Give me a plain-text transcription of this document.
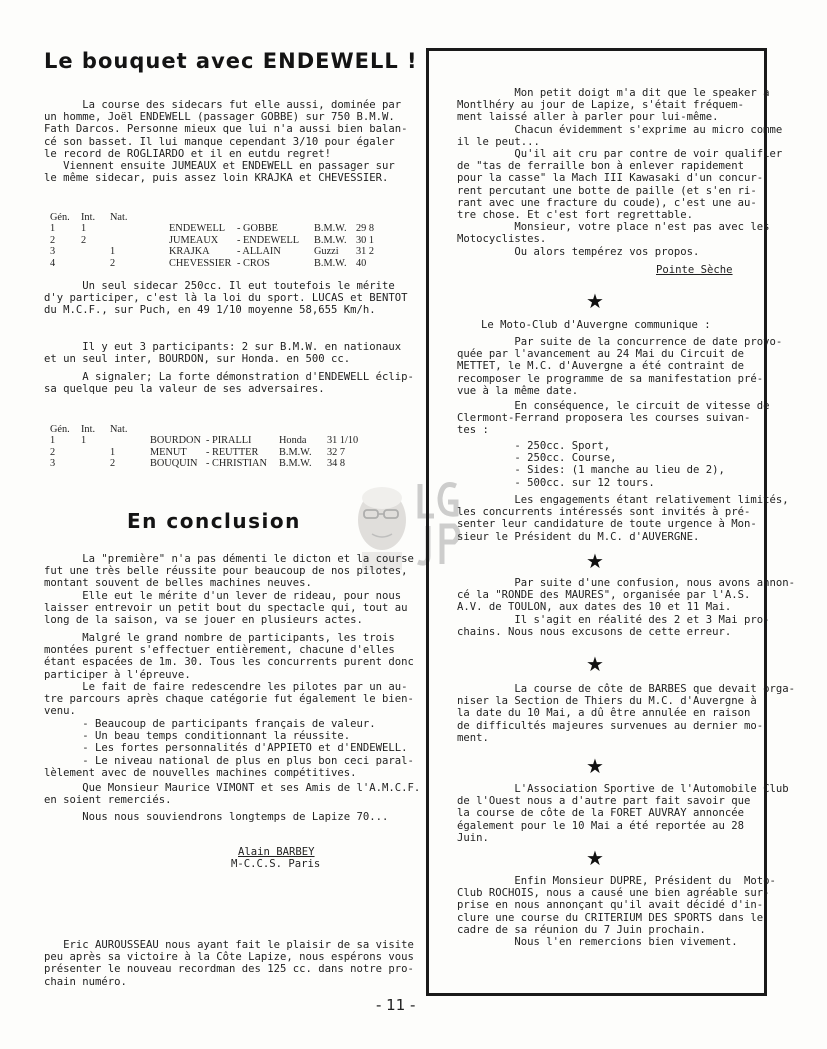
Le bouquet avec ENDEWELL !
La course des sidecars fut elle aussi, dominée par
un homme, Joël ENDEWELL (passager GOBBE) sur 750 B.M.W.
Fath Darcos. Personne mieux que lui n'a aussi bien balan-
cé son basset. Il lui manque cependant 3/10 pour égaler
le record de ROGLIARDO et il en eutdu regret!
Viennent ensuite JUMEAUX et ENDEWELL en passager sur
le même sidecar, puis assez loin KRAJKA et CHEVESSIER.
Gén.	Int.	Nat.				
1	1		ENDEWELL	- GOBBE	B.M.W.	29 8
2	2		JUMEAUX	- ENDEWELL	B.M.W.	30 1
3		1	KRAJKA	- ALLAIN	Guzzi	31 2
4		2	CHEVESSIER	- CROS	B.M.W.	40
Un seul sidecar 250cc. Il eut toutefois le mérite
d'y participer, c'est là la loi du sport. LUCAS et BENTOT
du M.C.F., sur Puch, en 49 1/10 moyenne 58,655 Km/h.
Il y eut 3 participants: 2 sur B.M.W. en nationaux
et un seul inter, BOURDON, sur Honda. en 500 cc.
A signaler; La forte démonstration d'ENDEWELL éclip-
sa quelque peu la valeur de ses adversaires.
Gén.	Int.	Nat.				
1	1		BOURDON	- PIRALLI	Honda	31 1/10
2		1	MENUT	- REUTTER	B.M.W.	32 7
3		2	BOUQUIN	- CHRISTIAN	B.M.W.	34 8
En conclusion
La "première" n'a pas démenti le dicton et la course
fut une très belle réussite pour beaucoup de nos pilotes,
montant souvent de belles machines neuves.
Elle eut le mérite d'un lever de rideau, pour nous
laisser entrevoir un petit bout du spectacle qui, tout au
long de la saison, va se jouer en plusieurs actes.
Malgré le grand nombre de participants, les trois
montées purent s'effectuer entièrement, chacune d'elles
étant espacées de 1m. 30. Tous les concurrents purent donc
participer à l'épreuve.
Le fait de faire redescendre les pilotes par un au-
tre parcours après chaque catégorie fut également le bien-
venu.
- Beaucoup de participants français de valeur.
- Un beau temps conditionnant la réussite.
- Les fortes personnalités d'APPIETO et d'ENDEWELL.
- Le niveau national de plus en plus bon ceci paral-
lèlement avec de nouvelles machines compétitives.
Que Monsieur Maurice VIMONT et ses Amis de l'A.M.C.F.
en soient remerciés.
Nous nous souviendrons longtemps de Lapize 70...
Alain BARBEY
M-C.C.S. Paris
Eric AUROUSSEAU nous ayant fait le plaisir de sa visite
peu après sa victoire à la Côte Lapize, nous espérons vous
présenter le nouveau recordman des 125 cc. dans notre pro-
chain numéro.
Mon petit doigt m'a dit que le speaker à
Montlhéry au jour de Lapize, s'était fréquem-
ment laissé aller à parler pour lui-même.
Chacun évidemment s'exprime au micro comme
il le peut...
Qu'il ait cru par contre de voir qualifier
de "tas de ferraille bon à enlever rapidement
pour la casse" la Mach III Kawasaki d'un concur-
rent percutant une botte de paille (et s'en ri-
rant avec une fracture du coude), c'est une au-
tre chose. Et c'est fort regrettable.
Monsieur, votre place n'est pas avec les
Motocyclistes.
Ou alors tempérez vos propos.
Pointe Sèche
★
Le Moto-Club d'Auvergne communique :
Par suite de la concurrence de date provo-
quée par l'avancement au 24 Mai du Circuit de
METTET, le M.C. d'Auvergne a été contraint de
recomposer le programme de sa manifestation pré-
vue à la même date.
En conséquence, le circuit de vitesse de
Clermont-Ferrand proposera les courses suivan-
tes :
- 250cc. Sport,
- 250cc. Course,
- Sides: (1 manche au lieu de 2),
- 500cc. sur 12 tours.
Les engagements étant relativement limités,
les concurrents intéressés sont invités à pré-
senter leur candidature de toute urgence à Mon-
sieur le Président du M.C. d'AUVERGNE.
★
Par suite d'une confusion, nous avons annon-
cé la "RONDE des MAURES", organisée par l'A.S.
A.V. de TOULON, aux dates des 10 et 11 Mai.
Il s'agit en réalité des 2 et 3 Mai pro-
chains. Nous nous excusons de cette erreur.
★
La course de côte de BARBES que devait orga-
niser la Section de Thiers du M.C. d'Auvergne à
la date du 10 Mai, a dû être annulée en raison
de difficultés majeures survenues au dernier mo-
ment.
★
L'Association Sportive de l'Automobile Club
de l'Ouest nous a d'autre part fait savoir que
la course de côte de la FORET AUVRAY annoncée
également pour le 10 Mai a été reportée au 28
Juin.
★
Enfin Monsieur DUPRE, Président du  Moto-
Club ROCHOIS, nous a causé une bien agréable sur-
prise en nous annonçant qu'il avait décidé d'in-
clure une course du CRITERIUM DES SPORTS dans le
cadre de sa réunion du 7 Juin prochain.
Nous l'en remercions bien vivement.
- 11 -
